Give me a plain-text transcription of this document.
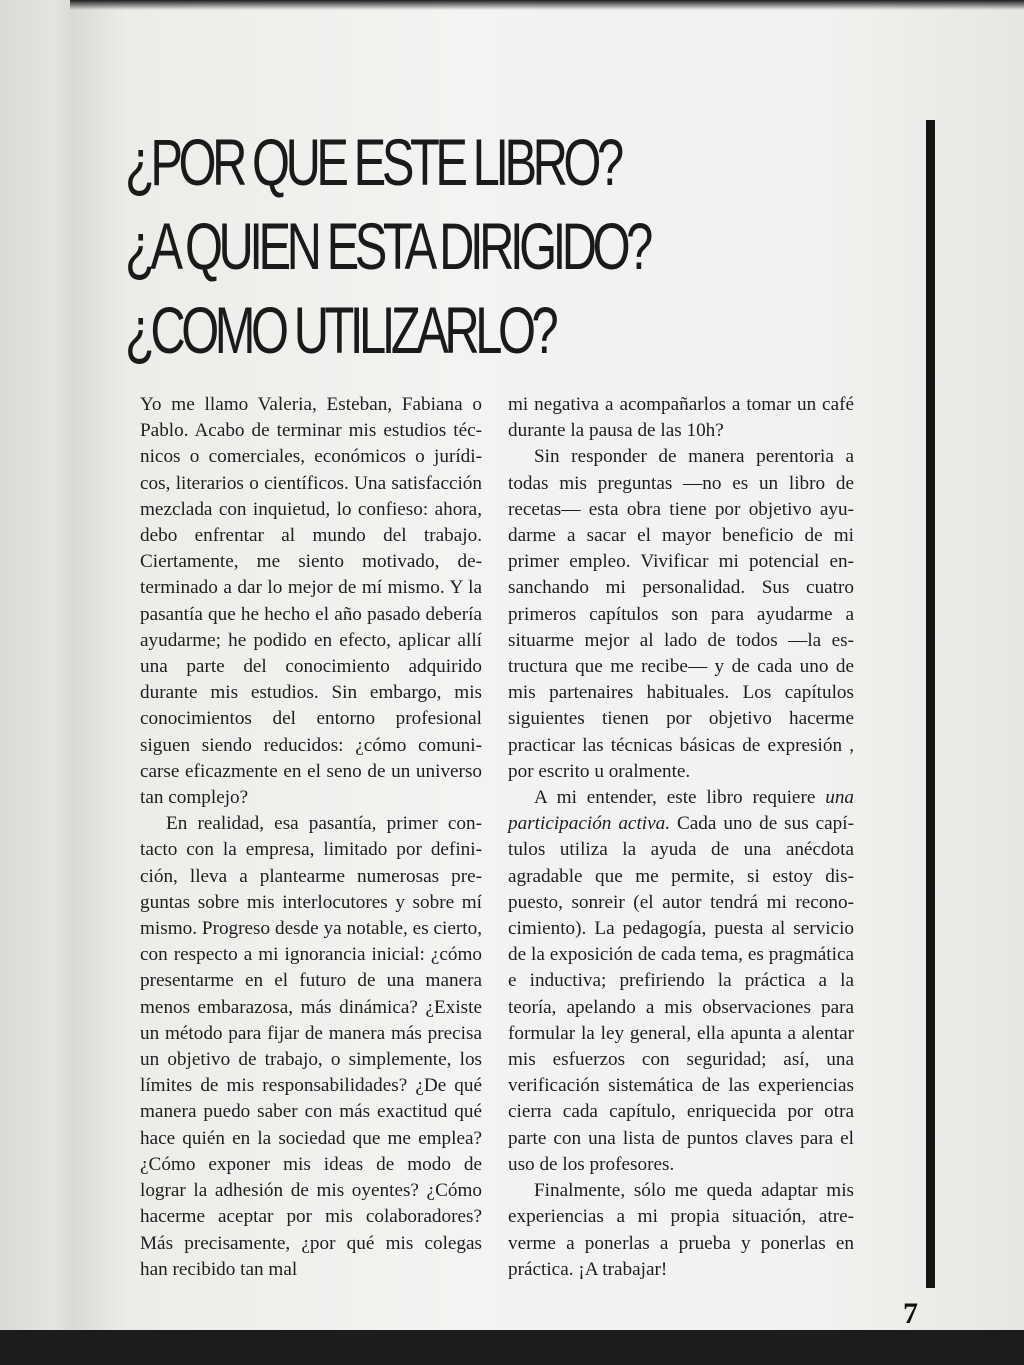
¿POR QUE ESTE LIBRO?
¿A QUIEN ESTA DIRIGIDO?
¿COMO UTILIZARLO?

Yo me llamo Valeria, Esteban, Fabiana o Pablo. Acabo de terminar mis estudios técnicos o comerciales, económicos o jurídicos, literarios o científicos. Una satisfacción mezclada con inquietud, lo confieso: ahora, debo enfrentar al mundo del trabajo. Ciertamente, me siento motivado, determinado a dar lo mejor de mí mismo. Y la pasantía que he hecho el año pasado debería ayudarme; he podido en efecto, aplicar allí una parte del conocimiento adquirido durante mis estudios. Sin embargo, mis conocimientos del entorno profesional siguen siendo reducidos: ¿cómo comunicarse eficazmente en el seno de un universo tan complejo?

En realidad, esa pasantía, primer contacto con la empresa, limitado por definición, lleva a plantearme numerosas preguntas sobre mis interlocutores y sobre mí mismo. Progreso desde ya notable, es cierto, con respecto a mi ignorancia inicial: ¿cómo presentarme en el futuro de una manera menos embarazosa, más dinámica? ¿Existe un método para fijar de manera más precisa un objetivo de trabajo, o simplemente, los límites de mis responsabilidades? ¿De qué manera puedo saber con más exactitud qué hace quién en la sociedad que me emplea? ¿Cómo exponer mis ideas de modo de lograr la adhesión de mis oyentes? ¿Cómo hacerme aceptar por mis colaboradores? Más precisamente, ¿por qué mis colegas han recibido tan mal

mi negativa a acompañarlos a tomar un café durante la pausa de las 10h?

Sin responder de manera perentoria a todas mis preguntas —no es un libro de recetas— esta obra tiene por objetivo ayudarme a sacar el mayor beneficio de mi primer empleo. Vivificar mi potencial ensanchando mi personalidad. Sus cuatro primeros capítulos son para ayudarme a situarme mejor al lado de todos —la estructura que me recibe— y de cada uno de mis partenaires habituales. Los capítulos siguientes tienen por objetivo hacerme practicar las técnicas básicas de expresión , por escrito u oralmente.

A mi entender, este libro requiere una participación activa. Cada uno de sus capítulos utiliza la ayuda de una anécdota agradable que me permite, si estoy dispuesto, sonreir (el autor tendrá mi reconocimiento). La pedagogía, puesta al servicio de la exposición de cada tema, es pragmática e inductiva; prefiriendo la práctica a la teoría, apelando a mis observaciones para formular la ley general, ella apunta a alentar mis esfuerzos con seguridad; así, una verificación sistemática de las experiencias cierra cada capítulo, enriquecida por otra parte con una lista de puntos claves para el uso de los profesores.

Finalmente, sólo me queda adaptar mis experiencias a mi propia situación, atreverme a ponerlas a prueba y ponerlas en práctica. ¡A trabajar!

7
